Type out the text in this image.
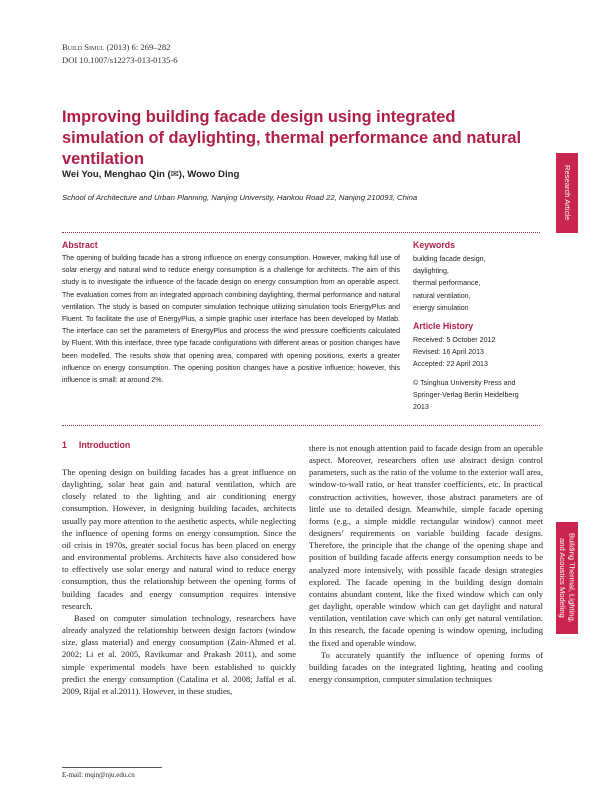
Build Simul (2013) 6: 269–282
DOI 10.1007/s12273-013-0135-6
Improving building facade design using integrated simulation of daylighting, thermal performance and natural ventilation
Wei You, Menghao Qin (✉), Wowo Ding
School of Architecture and Urban Planning, Nanjing University, Hankou Road 22, Nanjing 210093, China
Abstract
The opening of building facade has a strong influence on energy consumption. However, making full use of solar energy and natural wind to reduce energy consumption is a challenge for architects. The aim of this study is to investigate the influence of the facade design on energy consumption from an operable aspect. The evaluation comes from an integrated approach combining daylighting, thermal performance and natural ventilation. The study is based on computer simulation technique utilizing simulation tools EnergyPlus and Fluent. To facilitate the use of EnergyPlus, a simple graphic user interface has been developed by Matlab. The interface can set the parameters of EnergyPlus and process the wind pressure coefficients calculated by Fluent. With this interface, three type facade configurations with different areas or position changes have been modelled. The results show that opening area, compared with opening positions, exerts a greater influence on energy consumption. The opening position changes have a positive influence; however, this influence is small: at around 2%.
Keywords
building facade design,
daylighting,
thermal performance,
natural ventilation,
energy simulation
Article History
Received: 5 October 2012
Revised: 16 April 2013
Accepted: 22 April 2013
© Tsinghua University Press and
Springer-Verlag Berlin Heidelberg
2013
Research Article
Building Thermal, Lighting,
and Acoustics Modeling
1 Introduction

The opening design on building facades has a great influence on daylighting, solar heat gain and natural ventilation, which are closely related to the lighting and air conditioning energy consumption. However, in designing building facades, architects usually pay more attention to the aesthetic aspects, while neglecting the influence of opening forms on energy consumption. Since the oil crisis in 1970s, greater social focus has been placed on energy and environmental problems. Architects have also considered how to effectively use solar energy and natural wind to reduce energy consumption, thus the relationship between the opening forms of building facades and energy consumption requires intensive research.

Based on computer simulation technology, researchers have already analyzed the relationship between design factors (window size, glass material) and energy consumption (Zain-Ahmed et al. 2002; Li et al. 2005, Ravikumar and Prakash 2011), and some simple experimental models have been established to quickly predict the energy consumption (Catalina et al. 2008; Jaffal et al. 2009, Rijal et al.2011). However, in these studies,

there is not enough attention paid to facade design from an operable aspect. Moreover, researchers often use abstract design control parameters, such as the ratio of the volume to the exterior wall area, window-to-wall ratio, or heat transfer coefficients, etc. In practical construction activities, however, those abstract parameters are of little use to detailed design. Meanwhile, simple facade opening forms (e.g., a simple middle rectangular window) cannot meet designers’ requirements on variable building facade designs. Therefore, the principle that the change of the opening shape and position of building facade affects energy consumption needs to be analyzed more intensively, with possible facade design strategies explored. The facade opening in the building design domain contains abundant content, like the fixed window which can only get daylight, operable window which can get daylight and natural ventilation, ventilation cave which can only get natural ventilation. In this research, the facade opening is window opening, including the fixed and operable window.

To accurately quantify the influence of opening forms of building facades on the integrated lighting, heating and cooling energy consumption, computer simulation techniques

E-mail: mqin@nju.edu.cn
